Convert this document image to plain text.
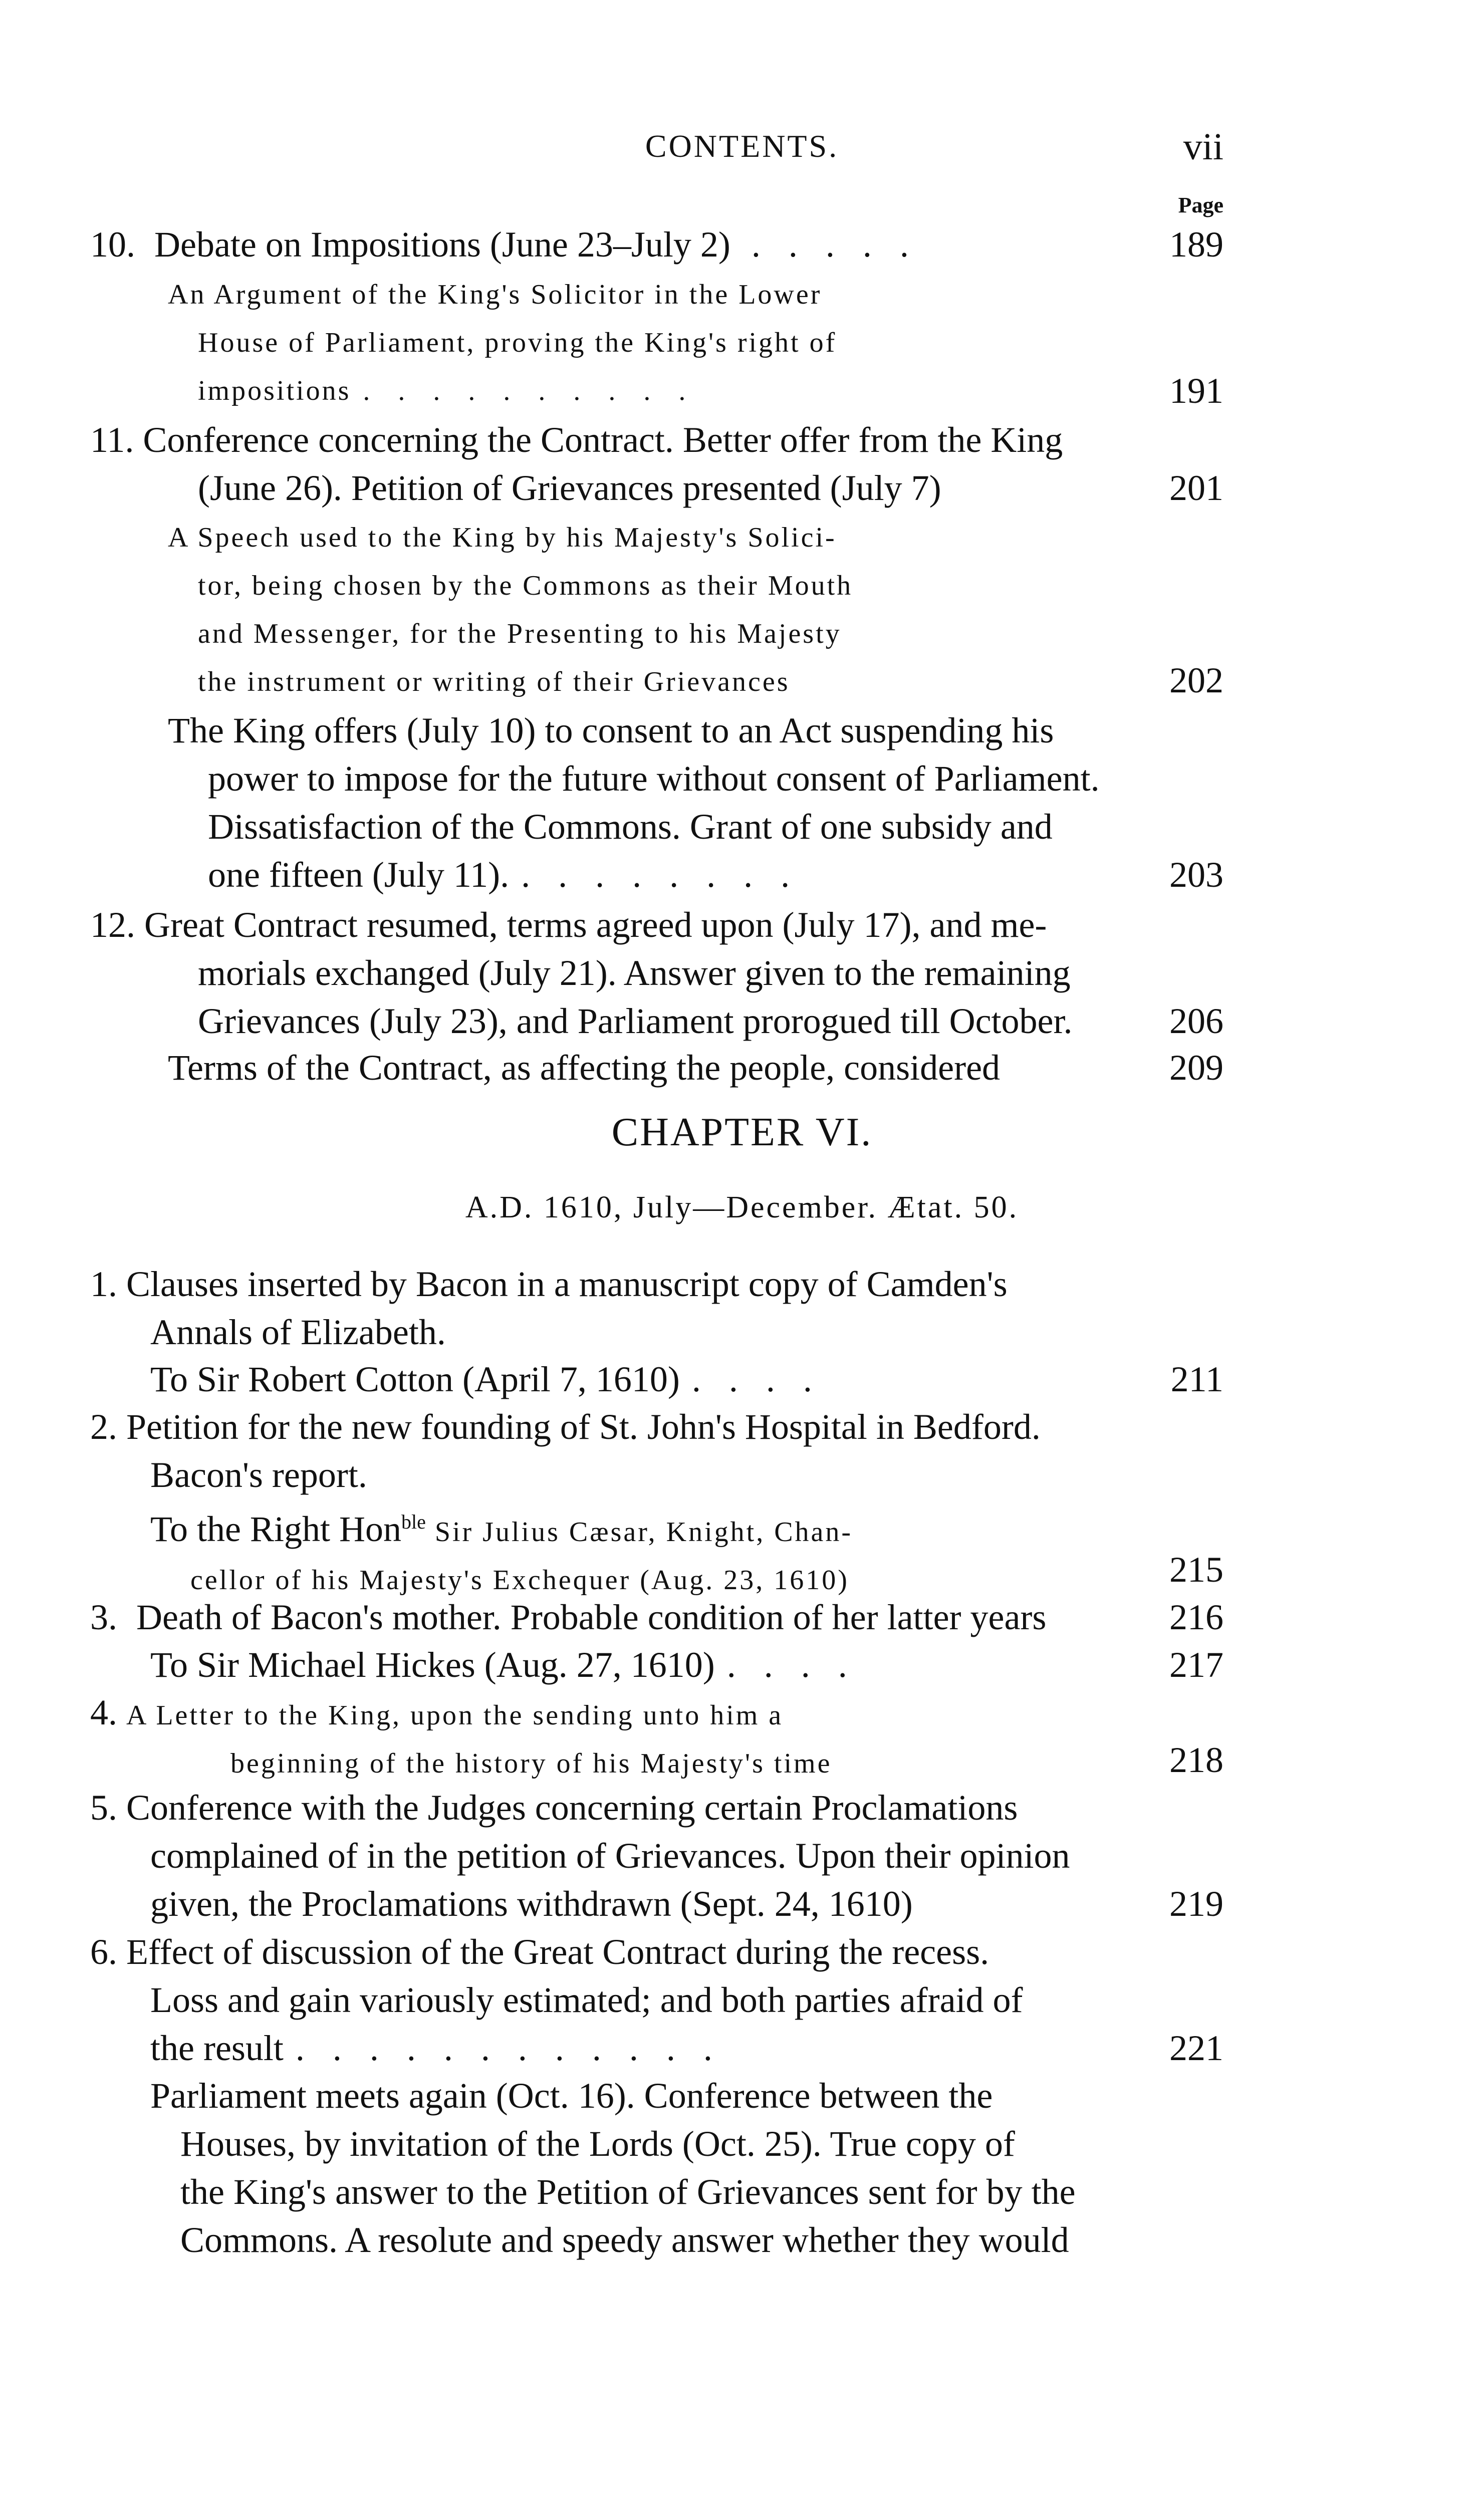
CONTENTS.	vii
Page
10. Debate on Impositions (June 23–July 2) .....	189
An Argument of the King's Solicitor in the Lower
House of Parliament, proving the King's right of
impositions ..........	191
11. Conference concerning the Contract. Better offer from the King
(June 26). Petition of Grievances presented (July 7)	201
A Speech used to the King by his Majesty's Solici-
tor, being chosen by the Commons as their Mouth
and Messenger, for the Presenting to his Majesty
the instrument or writing of their Grievances	202
The King offers (July 10) to consent to an Act suspending his
power to impose for the future without consent of Parliament.
Dissatisfaction of the Commons. Grant of one subsidy and
one fifteen (July 11). ........	203
12. Great Contract resumed, terms agreed upon (July 17), and me-
morials exchanged (July 21). Answer given to the remaining
Grievances (July 23), and Parliament prorogued till October.	206
Terms of the Contract, as affecting the people, considered	209
CHAPTER VI.
A.D. 1610, July—December. Ætat. 50.
1. Clauses inserted by Bacon in a manuscript copy of Camden's
Annals of Elizabeth.
To Sir Robert Cotton (April 7, 1610) ....	211
2. Petition for the new founding of St. John's Hospital in Bedford.
Bacon's report.
To the Right Hon$^{ble}$ Sir Julius Cæsar, Knight, Chan-
cellor of his Majesty's Exchequer (Aug. 23, 1610)	215
3. Death of Bacon's mother. Probable condition of her latter years	216
To Sir Michael Hickes (Aug. 27, 1610) ....	217
4. A Letter to the King, upon the sending unto him a
beginning of the history of his Majesty's time	218
5. Conference with the Judges concerning certain Proclamations
complained of in the petition of Grievances. Upon their opinion
given, the Proclamations withdrawn (Sept. 24, 1610)	219
6. Effect of discussion of the Great Contract during the recess.
Loss and gain variously estimated; and both parties afraid of
the result ............	221
Parliament meets again (Oct. 16). Conference between the
Houses, by invitation of the Lords (Oct. 25). True copy of
the King's answer to the Petition of Grievances sent for by the
Commons. A resolute and speedy answer whether they would
